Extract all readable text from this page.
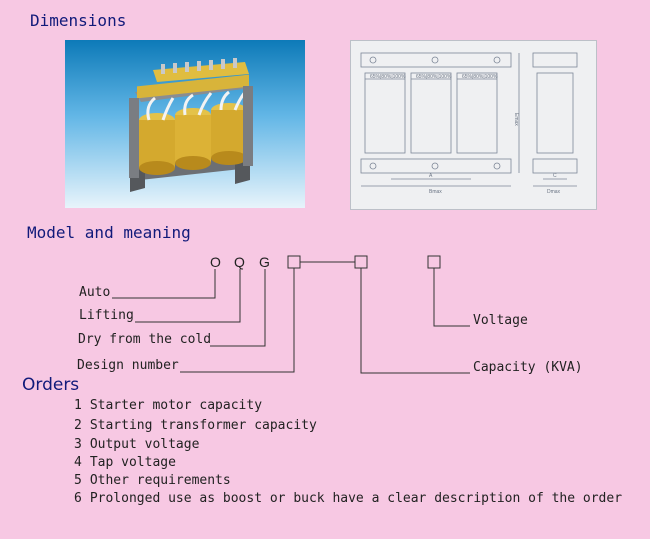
Dimensions
Model and meaning
Orders
65%|80%|100% 65%|80%|100% 65%|80%|100%
A
Bmax
C
Dmax
Emax
O Q G
Auto
Lifting
Dry from the cold
Design number
Voltage
Capacity (KVA)
1 Starter motor capacity
2 Starting transformer capacity
3 Output voltage
4 Tap voltage
5 Other requirements
6 Prolonged use as boost or buck have a clear description of the order
